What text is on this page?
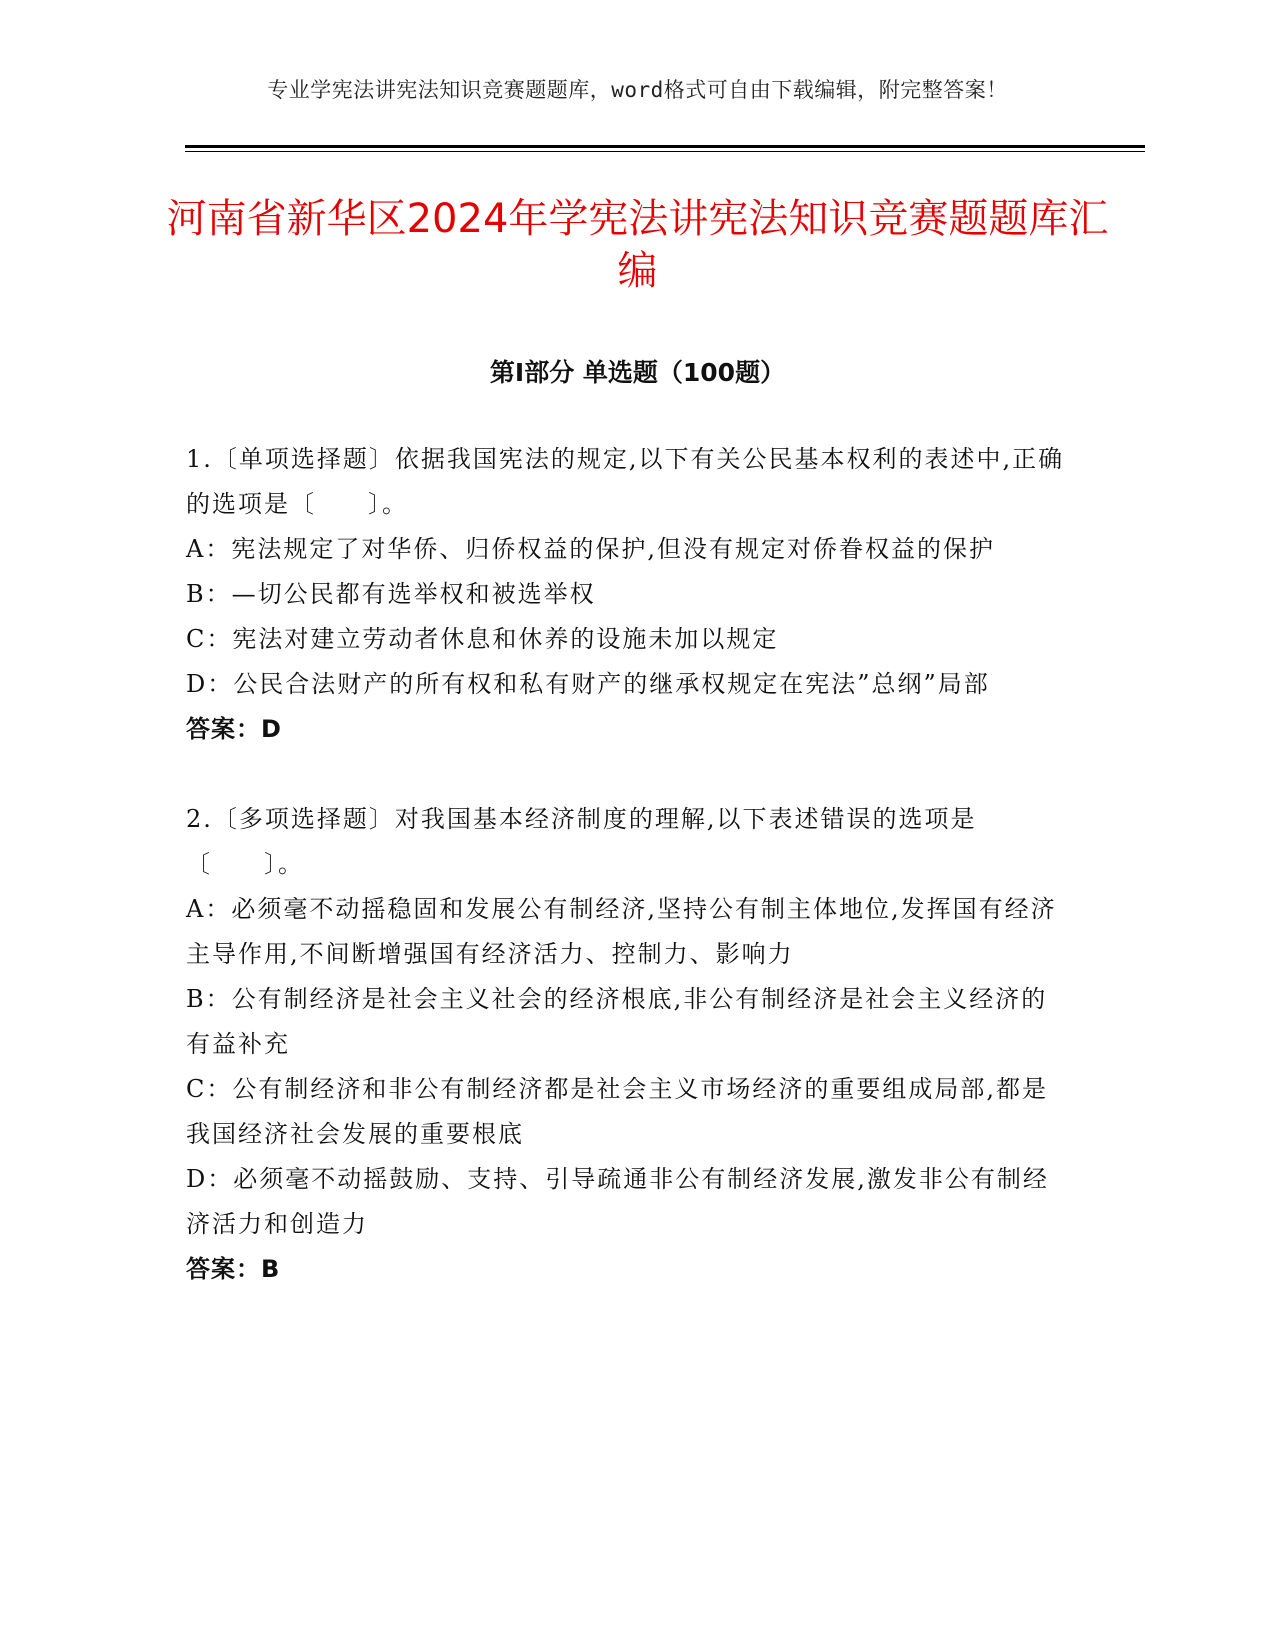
专业学宪法讲宪法知识竞赛题题库，word格式可自由下载编辑，附完整答案！
河南省新华区2024年学宪法讲宪法知识竞赛题题库汇编
第I部分 单选题（100题）

1.〔单项选择题〕依据我国宪法的规定,以下有关公民基本权利的表述中,正确的选项是〔　　〕。

A：宪法规定了对华侨、归侨权益的保护,但没有规定对侨眷权益的保护

B：—切公民都有选举权和被选举权

C：宪法对建立劳动者休息和休养的设施未加以规定

D：公民合法财产的所有权和私有财产的继承权规定在宪法”总纲”局部

答案：D

2.〔多项选择题〕对我国基本经济制度的理解,以下表述错误的选项是〔　　〕。

A：必须毫不动摇稳固和发展公有制经济,坚持公有制主体地位,发挥国有经济主导作用,不间断增强国有经济活力、控制力、影响力

B：公有制经济是社会主义社会的经济根底,非公有制经济是社会主义经济的有益补充

C：公有制经济和非公有制经济都是社会主义市场经济的重要组成局部,都是我国经济社会发展的重要根底

D：必须毫不动摇鼓励、支持、引导疏通非公有制经济发展,激发非公有制经济活力和创造力

答案：B
